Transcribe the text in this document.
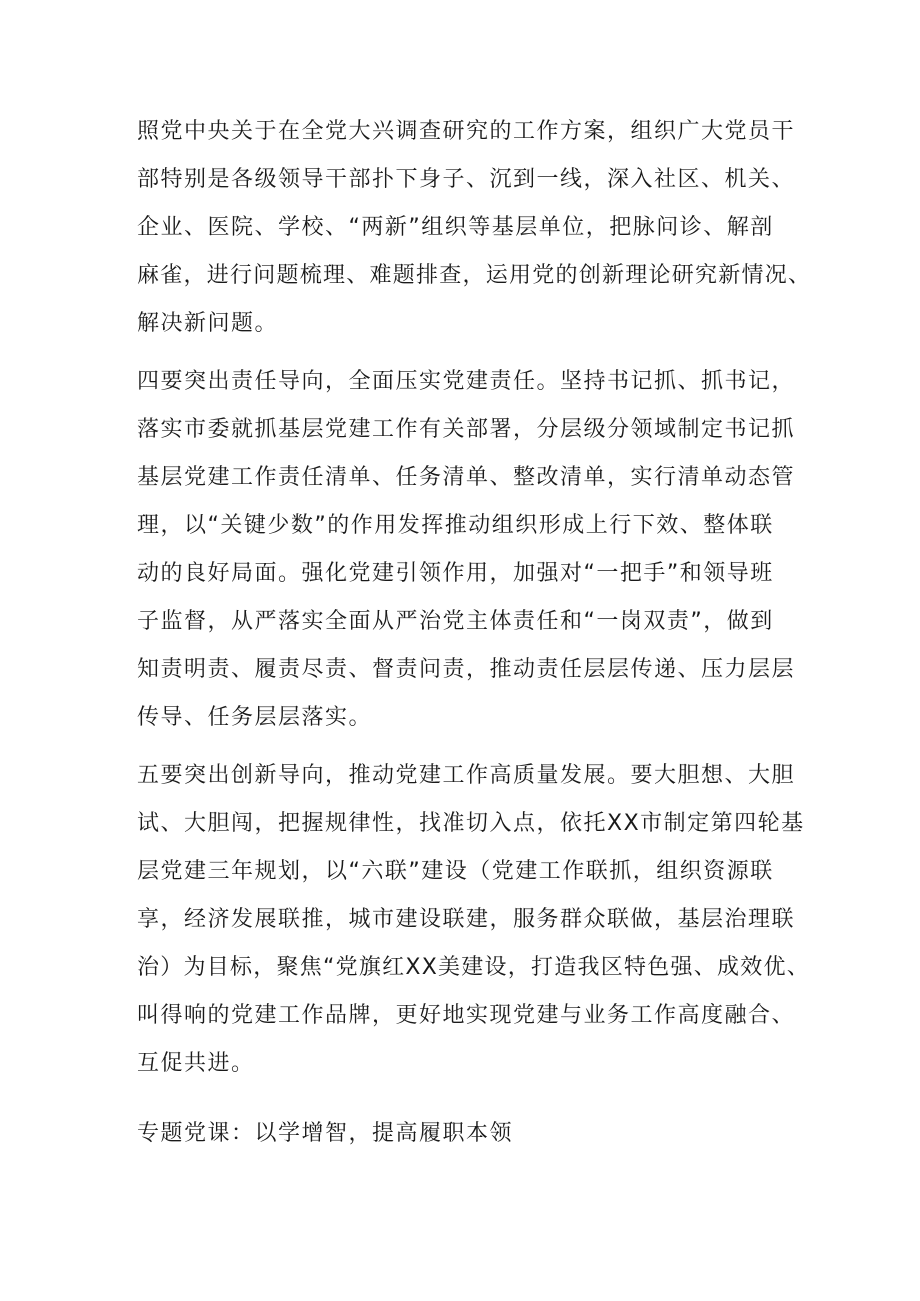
照党中央关于在全党大兴调查研究的工作方案，组织广大党员干
部特别是各级领导干部扑下身子、沉到一线，深入社区、机关、
企业、医院、学校、“两新”组织等基层单位，把脉问诊、解剖
麻雀，进行问题梳理、难题排查，运用党的创新理论研究新情况、
解决新问题。
四要突出责任导向，全面压实党建责任。坚持书记抓、抓书记，
落实市委就抓基层党建工作有关部署，分层级分领域制定书记抓
基层党建工作责任清单、任务清单、整改清单，实行清单动态管
理，以“关键少数”的作用发挥推动组织形成上行下效、整体联
动的良好局面。强化党建引领作用，加强对“一把手”和领导班
子监督，从严落实全面从严治党主体责任和“一岗双责”，做到
知责明责、履责尽责、督责问责，推动责任层层传递、压力层层
传导、任务层层落实。
五要突出创新导向，推动党建工作高质量发展。要大胆想、大胆
试、大胆闯，把握规律性，找准切入点，依托XX市制定第四轮基
层党建三年规划，以“六联”建设（党建工作联抓，组织资源联
享，经济发展联推，城市建设联建，服务群众联做，基层治理联
治）为目标，聚焦“党旗红XX美建设，打造我区特色强、成效优、
叫得响的党建工作品牌，更好地实现党建与业务工作高度融合、
互促共进。
专题党课：以学增智，提高履职本领
